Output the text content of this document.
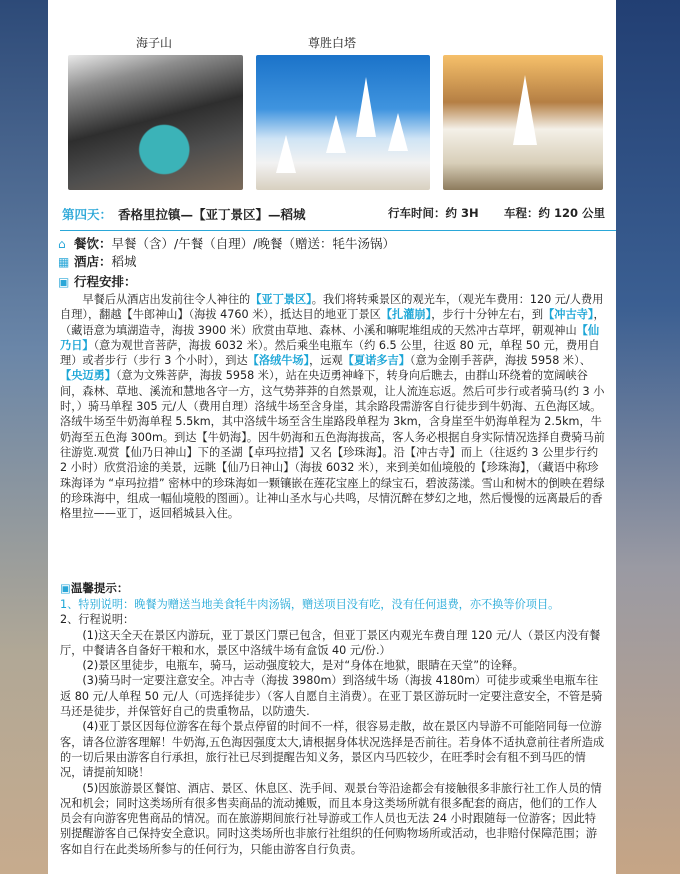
海子山	尊胜白塔
第四天： 香格里拉镇—【亚丁景区】—稻城	行车时间：约 3H 车程：约 120 公里
⌂ 餐饮：早餐（含）/午餐（自理）/晚餐（赠送：牦牛汤锅）
▦ 酒店：稻城
▣ 行程安排：

早餐后从酒店出发前往令人神往的【亚丁景区】。我们将转乘景区的观光车，（观光车费用：120 元/人费用自理），翻越【牛郎神山】（海拔 4760 米），抵达目的地亚丁景区【扎灌崩】，步行十分钟左右，到【冲古寺】，（藏语意为填湖造寺，海拔 3900 米）欣赏由草地、森林、小溪和嘛呢堆组成的天然冲古草坪，朝观神山【仙乃日】（意为观世音菩萨，海拔 6032 米）。然后乘坐电瓶车（约 6.5 公里，往返 80 元，单程 50 元，费用自理）或者步行（步行 3 个小时），到达【洛绒牛场】，远观【夏诺多吉】（意为金刚手菩萨，海拔 5958 米）、【央迈勇】（意为文殊菩萨，海拔 5958 米），站在央迈勇神峰下，转身向后瞧去，由群山环绕着的宽阔峡谷间，森林、草地、溪流和慧地各守一方，这气势莽莽的自然景观，让人流连忘返。然后可步行或者骑马(约 3 小时，）骑马单程 305 元/人（费用自理）洛绒牛场至含身崖，其余路段需游客自行徒步到牛奶海、五色海区域。洛绒牛场至牛奶海单程 5.5km，其中洛绒牛场至含生崖路段单程为 3km，含身崖至牛奶海单程为 2.5km，牛奶海至五色海 300m。到达【牛奶海】。因牛奶海和五色海海拔高，客人务必根据自身实际情况选择自费骑马前往游览.观赏【仙乃日神山】下的圣湖【卓玛拉措】又名【珍珠海】。沿【冲古寺】而上（往返约 3 公里步行约 2 小时）欣赏沿途的美景，远眺【仙乃日神山】（海拔 6032 米），来到美如仙境般的【珍珠海】，（藏语中称珍珠海译为 “卓玛拉措” 密林中的珍珠海如一颗镶嵌在莲花宝座上的绿宝石，碧波荡漾。雪山和树木的倒映在碧绿的珍珠海中，组成一幅仙境般的图画）。让神山圣水与心共鸣，尽情沉醉在梦幻之地，然后慢慢的远离最后的香格里拉——亚丁，返回稻城县入住。

▣温馨提示：

1、特别说明：晚餐为赠送当地美食牦牛肉汤锅，赠送项目没有吃，没有任何退费，亦不换等价项目。

2、行程说明：

(1)这天全天在景区内游玩，亚丁景区门票已包含，但亚丁景区内观光车费自理 120 元/人（景区内没有餐厅，中餐请各自备好干粮和水，景区中洛绒牛场有盒饭 40 元/份.）

(2)景区里徒步，电瓶车，骑马，运动强度较大，是对“身体在地狱，眼睛在天堂”的诠释。

(3)骑马时一定要注意安全。冲古寺（海拔 3980m）到洛绒牛场（海拔 4180m）可徒步或乘坐电瓶车往返 80 元/人单程 50 元/人（可选择徒步）（客人自愿自主消费）。在亚丁景区游玩时一定要注意安全，不管是骑马还是徒步，并保管好自己的贵重物品，以防遗失.

(4)亚丁景区因每位游客在每个景点停留的时间不一样，很容易走散，故在景区内导游不可能陪同每一位游客，请各位游客理解！牛奶海,五色海因强度太大,请根据身体状况选择是否前往。若身体不适执意前往者所造成的一切后果由游客自行承担，旅行社已尽到提醒告知义务，景区内马匹较少，在旺季时会有租不到马匹的情况，请提前知晓！

(5)因旅游景区餐馆、酒店、景区、休息区、洗手间、观景台等沿途都会有接触很多非旅行社工作人员的情况和机会；同时这类场所有很多售卖商品的流动摊贩，而且本身这类场所就有很多配套的商店，他们的工作人员会有向游客兜售商品的情况。而在旅游期间旅行社导游或工作人员也无法 24 小时跟随每一位游客；因此特别提醒游客自己保持安全意识。同时这类场所也非旅行社组织的任何购物场所或活动，也非赔付保障范围；游客如自行在此类场所参与的任何行为，只能由游客自行负责。
